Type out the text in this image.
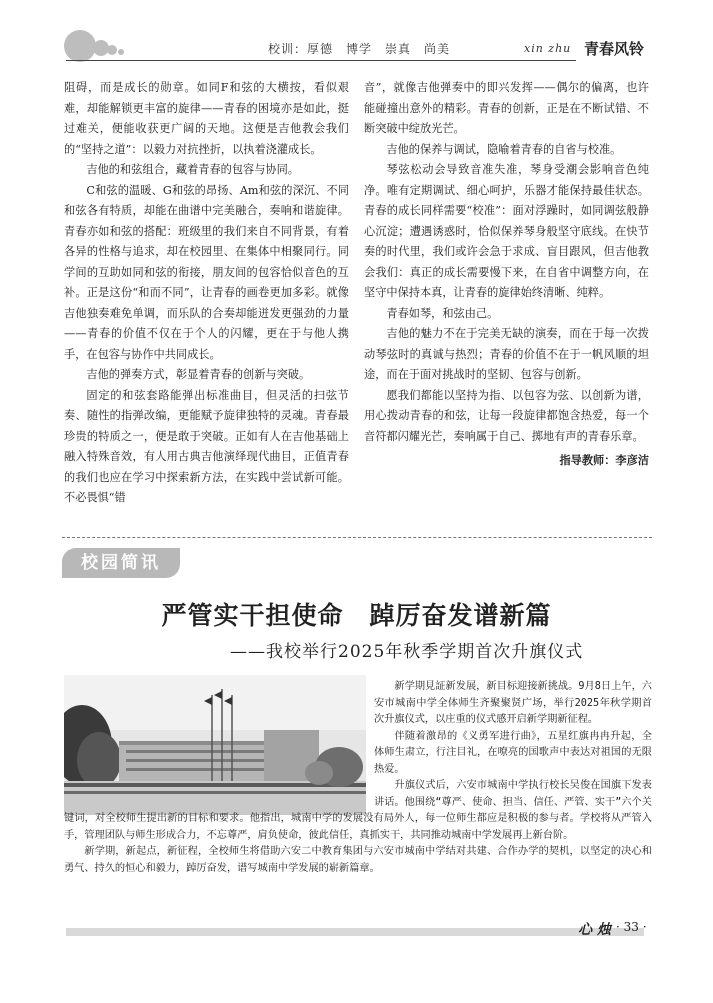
校训：厚德　博学　崇真　尚美	xin zhu 青春风铃

阻碍，而是成长的勋章。如同F和弦的大横按，看似艰难，却能解锁更丰富的旋律——青春的困境亦是如此，挺过难关，便能收获更广阔的天地。这便是吉他教会我们的“坚持之道”：以毅力对抗挫折，以执着浇灌成长。

吉他的和弦组合，藏着青春的包容与协同。

C和弦的温暖、G和弦的昂扬、Am和弦的深沉、不同和弦各有特质，却能在曲谱中完美融合，奏响和谐旋律。青春亦如和弦的搭配：班级里的我们来自不同背景，有着各异的性格与追求，却在校园里、在集体中相聚同行。同学间的互助如同和弦的衔接，朋友间的包容恰似音色的互补。正是这份“和而不同”，让青春的画卷更加多彩。就像吉他独奏难免单调，而乐队的合奏却能迸发更强劲的力量——青春的价值不仅在于个人的闪耀，更在于与他人携手，在包容与协作中共同成长。

吉他的弹奏方式，彰显着青春的创新与突破。

固定的和弦套路能弹出标准曲目，但灵活的扫弦节奏、随性的指弹改编，更能赋予旋律独特的灵魂。青春最珍贵的特质之一，便是敢于突破。正如有人在吉他基础上融入特殊音效，有人用古典吉他演绎现代曲目，正值青春的我们也应在学习中探索新方法，在实践中尝试新可能。不必畏惧“错

音”，就像吉他弹奏中的即兴发挥——偶尔的偏离，也许能碰撞出意外的精彩。青春的创新，正是在不断试错、不断突破中绽放光芒。

吉他的保养与调试，隐喻着青春的自省与校准。

琴弦松动会导致音准失准，琴身受潮会影响音色纯净。唯有定期调试、细心呵护，乐器才能保持最佳状态。青春的成长同样需要“校准”：面对浮躁时，如同调弦般静心沉淀；遭遇诱惑时，恰似保养琴身般坚守底线。在快节奏的时代里，我们或许会急于求成、盲目跟风，但吉他教会我们：真正的成长需要慢下来，在自省中调整方向，在坚守中保持本真，让青春的旋律始终清晰、纯粹。

青春如琴，和弦由己。

吉他的魅力不在于完美无缺的演奏，而在于每一次拨动琴弦时的真诚与热烈；青春的价值不在于一帆风顺的坦途，而在于面对挑战时的坚韧、包容与创新。

愿我们都能以坚持为指、以包容为弦、以创新为谱，用心拨动青春的和弦，让每一段旋律都饱含热爱，每一个音符都闪耀光芒，奏响属于自己、掷地有声的青春乐章。

指导教师：李彦洁

校园简讯
严管实干担使命　踔厉奋发谱新篇
——我校举行2025年秋季学期首次升旗仪式

新学期見証新发展，新目标迎接新挑战。9月8日上午，六安市城南中学全体师生齐聚聚贤广场，举行2025年秋学期首次升旗仪式，以庄重的仪式感开启新学期新征程。

伴随着激昂的《义勇军进行曲》，五星红旗冉冉升起，全体师生肃立，行注目礼，在嘹亮的国歌声中表达对祖国的无限热爱。

升旗仪式后，六安市城南中学执行校长吴俊在国旗下发表讲话。他围绕“尊严、使命、担当、信任、严管、实干”六个关键词，对全校师生提出新的目标和要求。他指出，城南中学的发展没有局外人，每一位师生都应是积极的参与者。学校将从严管入手，管理团队与师生形成合力，不忘尊严，肩负使命，彼此信任，真抓实干，共同推动城南中学发展再上新台阶。

新学期，新起点，新征程，全校师生将借助六安二中教育集团与六安市城南中学结对共建、合作办学的契机，以坚定的决心和勇气、持久的恒心和毅力，踔厉奋发，谱写城南中学发展的崭新篇章。

心 烛 · 33 ·
